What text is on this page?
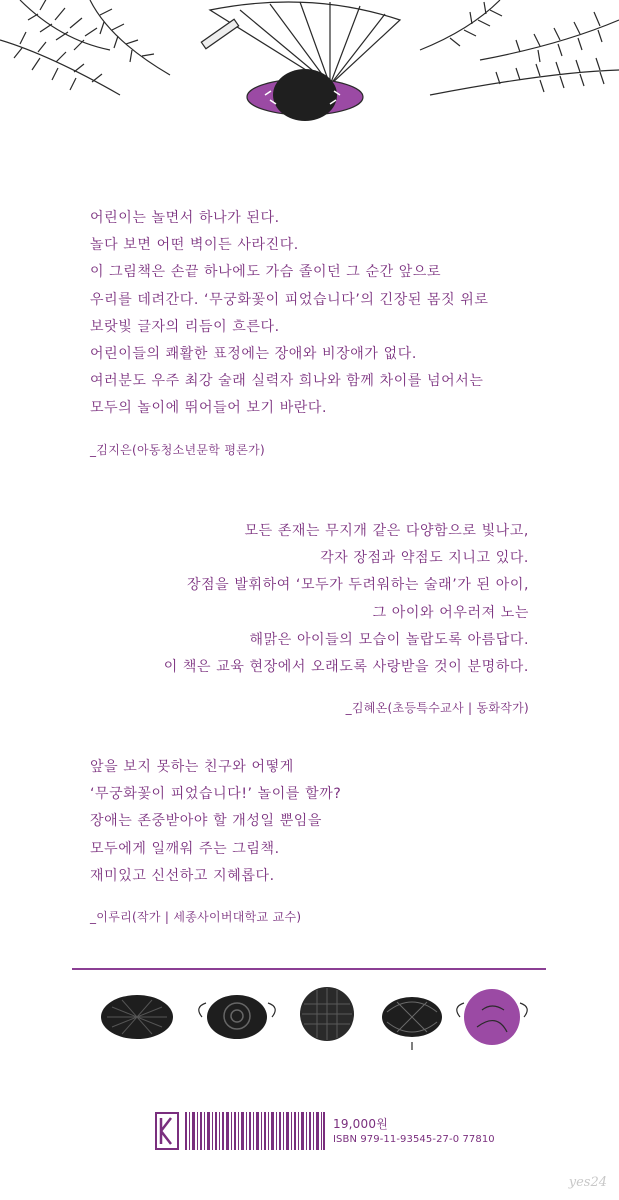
어린이는 놀면서 하나가 된다.

놀다 보면 어떤 벽이든 사라진다.

이 그림책은 손끝 하나에도 가슴 졸이던 그 순간 앞으로

우리를 데려간다. ‘무궁화꽃이 피었습니다’의 긴장된 몸짓 위로

보랏빛 글자의 리듬이 흐른다.

어린이들의 쾌활한 표정에는 장애와 비장애가 없다.

여러분도 우주 최강 술래 실력자 희나와 함께 차이를 넘어서는

모두의 놀이에 뛰어들어 보기 바란다.

_김지은(아동청소년문학 평론가)

모든 존재는 무지개 같은 다양함으로 빛나고,

각자 장점과 약점도 지니고 있다.

장점을 발휘하여 ‘모두가 두려워하는 술래’가 된 아이,

그 아이와 어우러져 노는

해맑은 아이들의 모습이 놀랍도록 아름답다.

이 책은 교육 현장에서 오래도록 사랑받을 것이 분명하다.

_김혜온(초등특수교사 | 동화작가)

앞을 보지 못하는 친구와 어떻게

‘무궁화꽃이 피었습니다!’ 놀이를 할까?

장애는 존중받아야 할 개성일 뿐임을

모두에게 일깨워 주는 그림책.

재미있고 신선하고 지혜롭다.

_이루리(작가 | 세종사이버대학교 교수)

19,000원
ISBN 979-11-93545-27-0 77810
yes24
